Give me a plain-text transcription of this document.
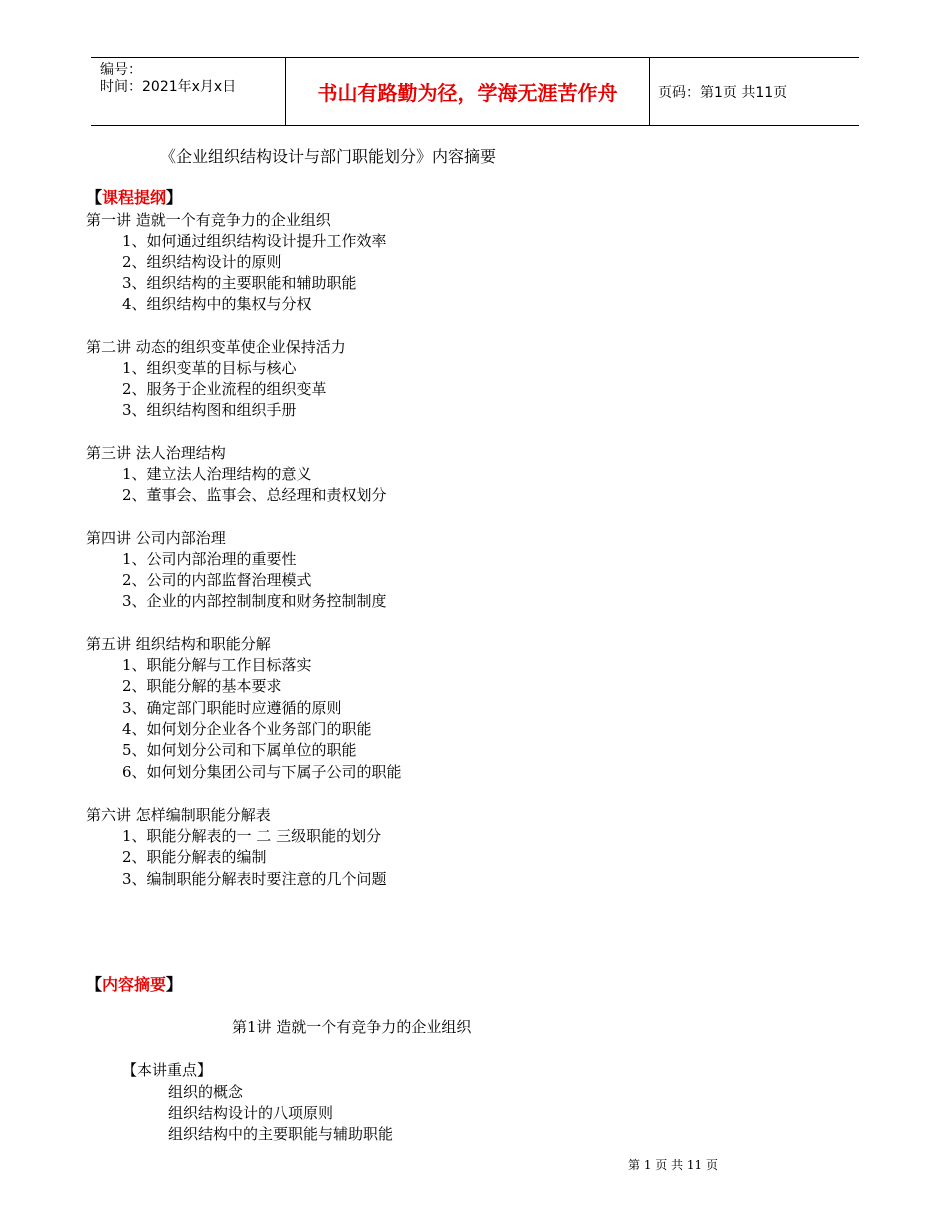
编号：
时间：2021年x月x日	书山有路勤为径，学海无涯苦作舟	页码：第1页 共11页
《企业组织结构设计与部门职能划分》内容摘要
【课程提纲】
第一讲 造就一个有竞争力的企业组织
1、如何通过组织结构设计提升工作效率
2、组织结构设计的原则
3、组织结构的主要职能和辅助职能
4、组织结构中的集权与分权
第二讲 动态的组织变革使企业保持活力
1、组织变革的目标与核心
2、服务于企业流程的组织变革
3、组织结构图和组织手册
第三讲 法人治理结构
1、建立法人治理结构的意义
2、董事会、监事会、总经理和责权划分
第四讲 公司内部治理
1、公司内部治理的重要性
2、公司的内部监督治理模式
3、企业的内部控制制度和财务控制制度
第五讲 组织结构和职能分解
1、职能分解与工作目标落实
2、职能分解的基本要求
3、确定部门职能时应遵循的原则
4、如何划分企业各个业务部门的职能
5、如何划分公司和下属单位的职能
6、如何划分集团公司与下属子公司的职能
第六讲 怎样编制职能分解表
1、职能分解表的一 二 三级职能的划分
2、职能分解表的编制
3、编制职能分解表时要注意的几个问题
【内容摘要】
第1讲 造就一个有竞争力的企业组织
【本讲重点】
组织的概念
组织结构设计的八项原则
组织结构中的主要职能与辅助职能
第 1 页 共 11 页
